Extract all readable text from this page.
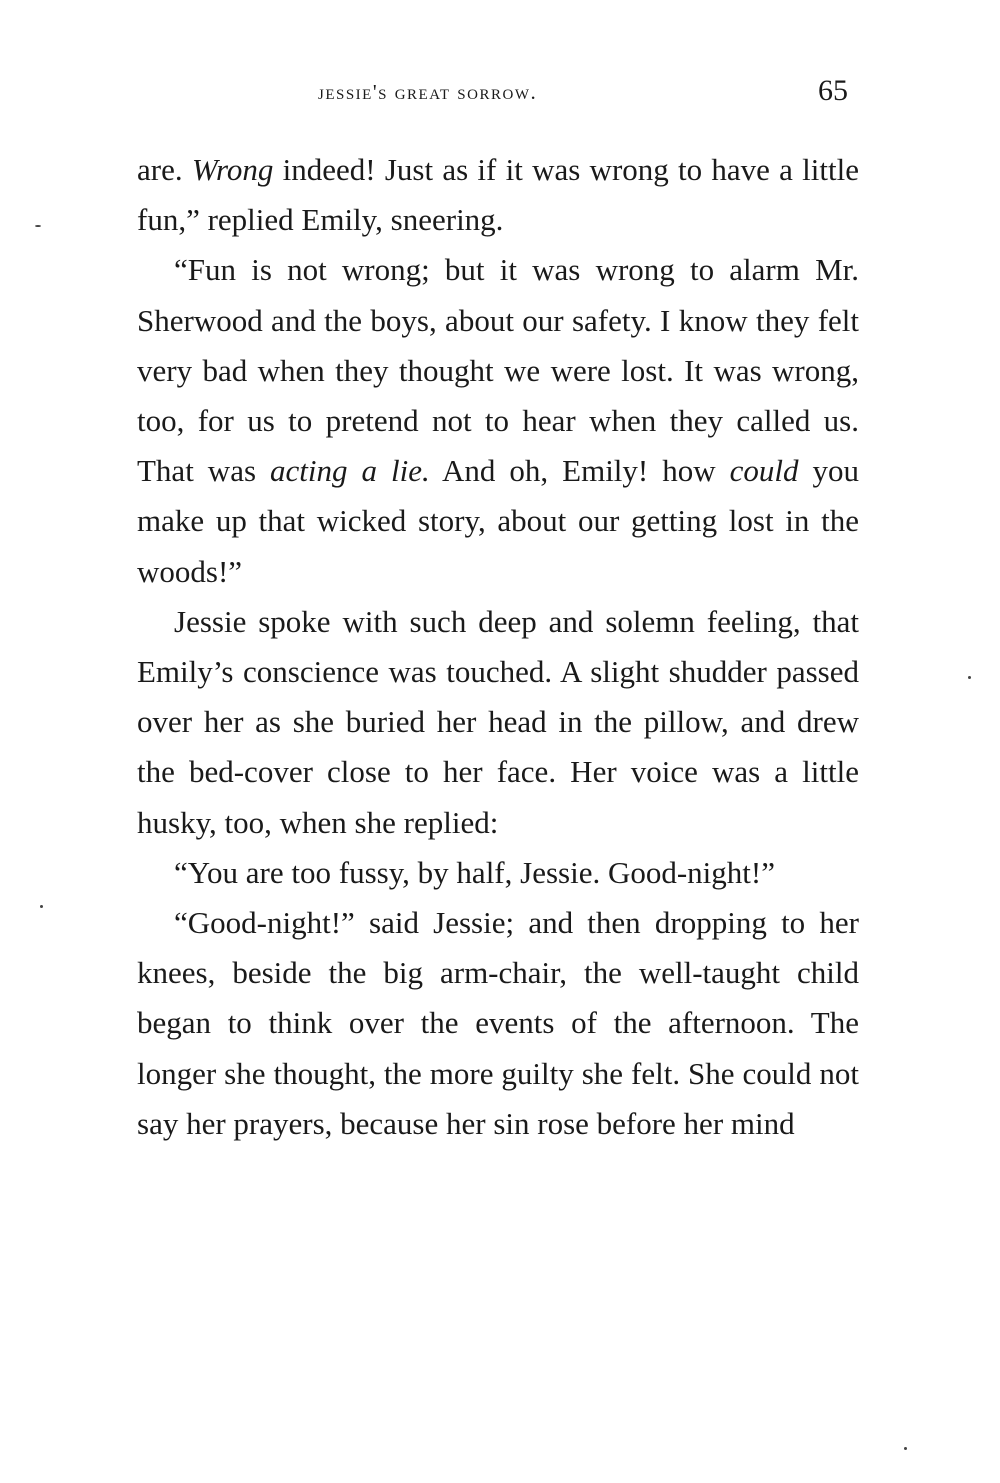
jessie's great sorrow.	65

are. Wrong indeed! Just as if it was wrong to have a little fun,” replied Emily, sneering.

“Fun is not wrong; but it was wrong to alarm Mr. Sherwood and the boys, about our safety. I know they felt very bad when they thought we were lost. It was wrong, too, for us to pretend not to hear when they called us. That was acting a lie. And oh, Emily! how could you make up that wicked story, about our getting lost in the woods!”

Jessie spoke with such deep and solemn feeling, that Emily’s conscience was touched. A slight shudder passed over her as she buried her head in the pillow, and drew the bed-cover close to her face. Her voice was a little husky, too, when she replied:

“You are too fussy, by half, Jessie. Good-night!”

“Good-night!” said Jessie; and then dropping to her knees, beside the big arm-chair, the well-taught child began to think over the events of the afternoon. The longer she thought, the more guilty she felt. She could not say her prayers, because her sin rose before her mind
